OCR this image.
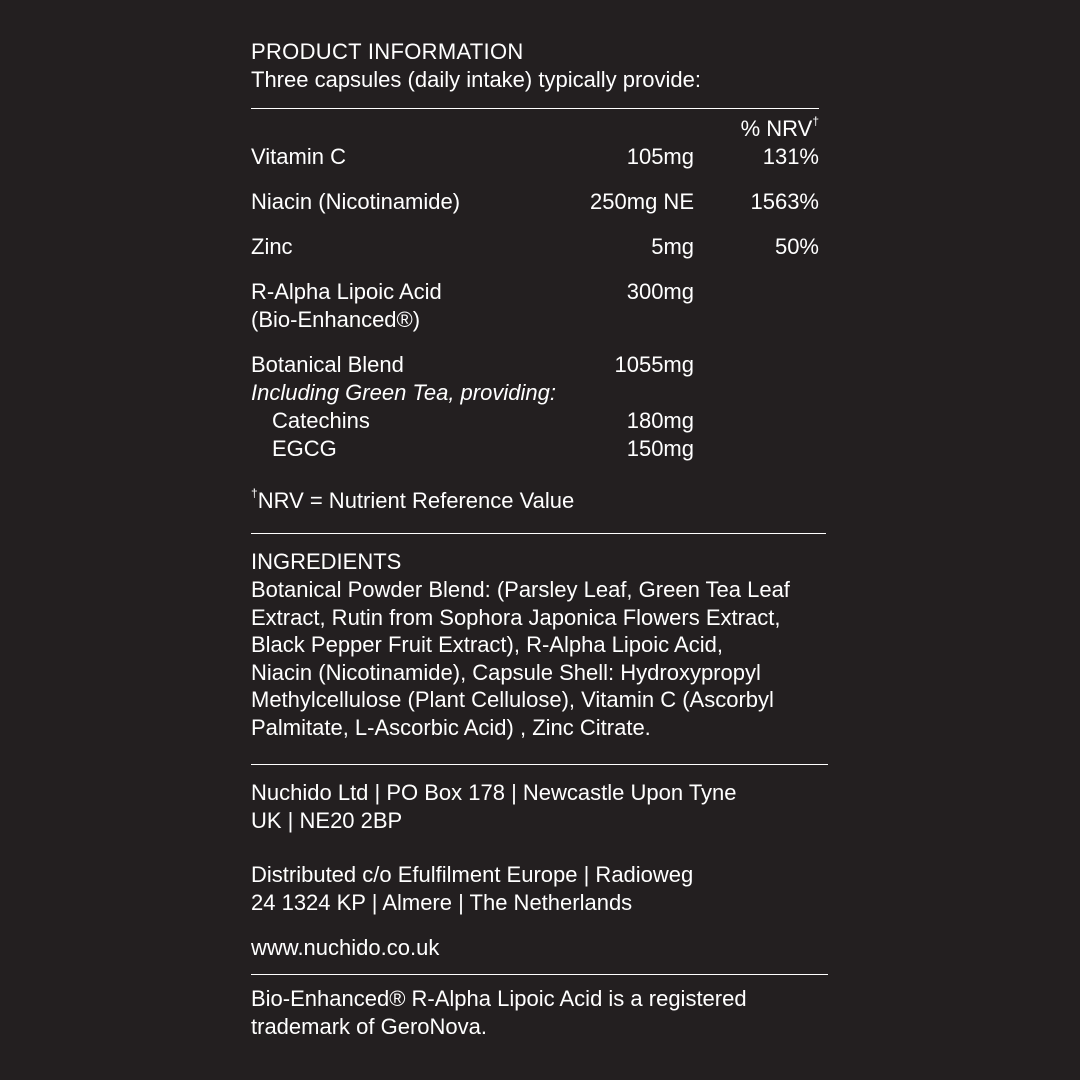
PRODUCT INFORMATION
Three capsules (daily intake) typically provide:
% NRV†
Vitamin C	105mg	131%
Niacin (Nicotinamide)	250mg NE	1563%
Zinc	5mg	50%
R-Alpha Lipoic Acid	300mg
(Bio-Enhanced®)
Botanical Blend	1055mg
Including Green Tea, providing:
Catechins	180mg
EGCG	150mg
†NRV = Nutrient Reference Value
INGREDIENTS
Botanical Powder Blend: (Parsley Leaf, Green Tea Leaf
Extract, Rutin from Sophora Japonica Flowers Extract,
Black Pepper Fruit Extract), R-Alpha Lipoic Acid,
Niacin (Nicotinamide), Capsule Shell: Hydroxypropyl
Methylcellulose (Plant Cellulose), Vitamin C (Ascorbyl
Palmitate, L-Ascorbic Acid) , Zinc Citrate.
Nuchido Ltd | PO Box 178 | Newcastle Upon Tyne
UK | NE20 2BP
Distributed c/o Efulfilment Europe | Radioweg
24 1324 KP | Almere | The Netherlands
www.nuchido.co.uk
Bio-Enhanced® R-Alpha Lipoic Acid is a registered
trademark of GeroNova.
